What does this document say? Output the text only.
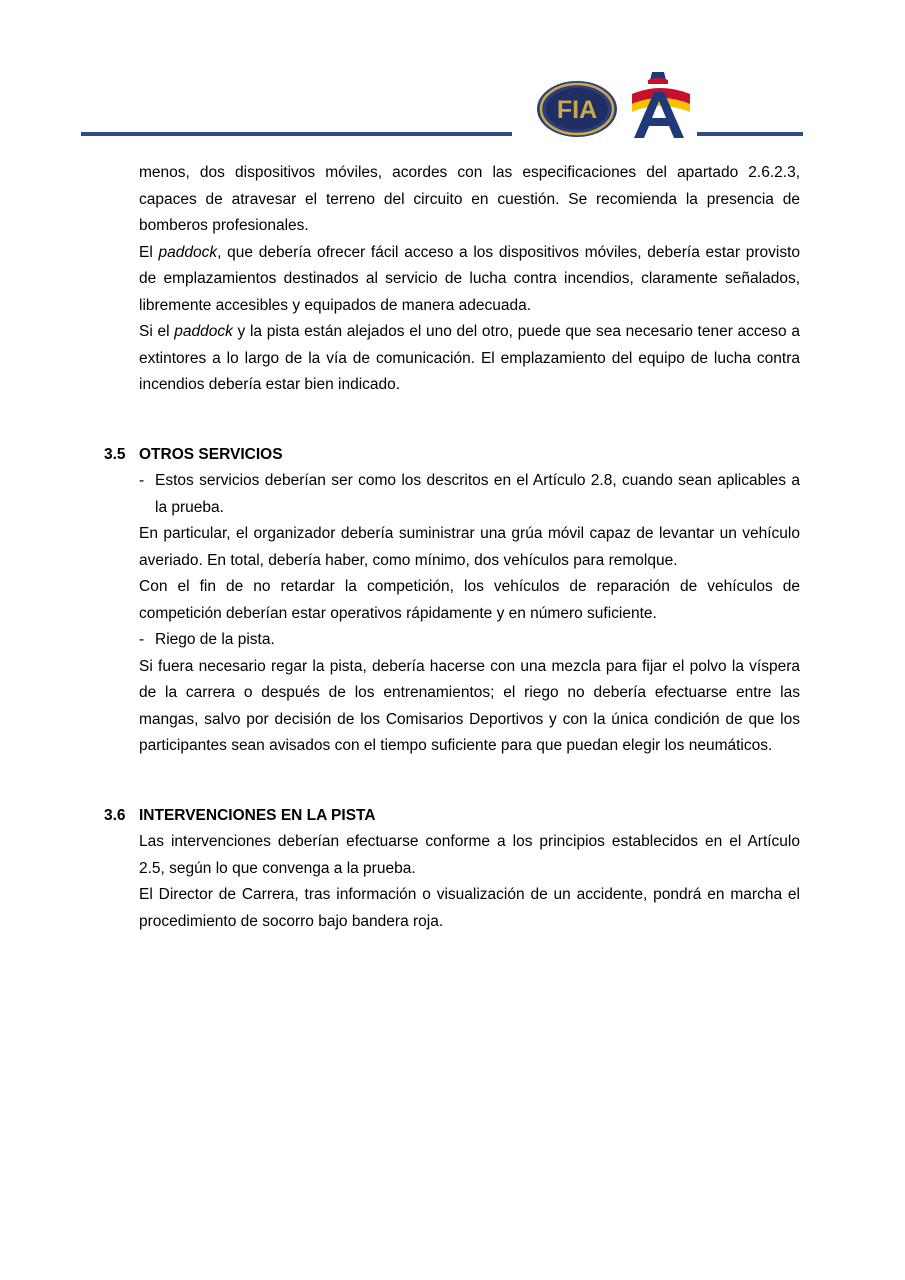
FIA

menos, dos dispositivos móviles, acordes con las especificaciones del apartado 2.6.2.3, capaces de atravesar el terreno del circuito en cuestión. Se recomienda la presencia de bomberos profesionales.

El paddock, que debería ofrecer fácil acceso a los dispositivos móviles, debería estar provisto de emplazamientos destinados al servicio de lucha contra incendios, claramente señalados, libremente accesibles y equipados de manera adecuada.

Si el paddock y la pista están alejados el uno del otro, puede que sea necesario tener acceso a extintores a lo largo de la vía de comunicación. El emplazamiento del equipo de lucha contra incendios debería estar bien indicado.

3.5 OTROS SERVICIOS
- Estos servicios deberían ser como los descritos en el Artículo 2.8, cuando sean aplicables a la prueba.

En particular, el organizador debería suministrar una grúa móvil capaz de levantar un vehículo averiado. En total, debería haber, como mínimo, dos vehículos para remolque.

Con el fin de no retardar la competición, los vehículos de reparación de vehículos de competición deberían estar operativos rápidamente y en número suficiente.

- Riego de la pista.

Si fuera necesario regar la pista, debería hacerse con una mezcla para fijar el polvo la víspera de la carrera o después de los entrenamientos; el riego no debería efectuarse entre las mangas, salvo por decisión de los Comisarios Deportivos y con la única condición de que los participantes sean avisados con el tiempo suficiente para que puedan elegir los neumáticos.

3.6 INTERVENCIONES EN LA PISTA

Las intervenciones deberían efectuarse conforme a los principios establecidos en el Artículo 2.5, según lo que convenga a la prueba.

El Director de Carrera, tras información o visualización de un accidente, pondrá en marcha el procedimiento de socorro bajo bandera roja.
